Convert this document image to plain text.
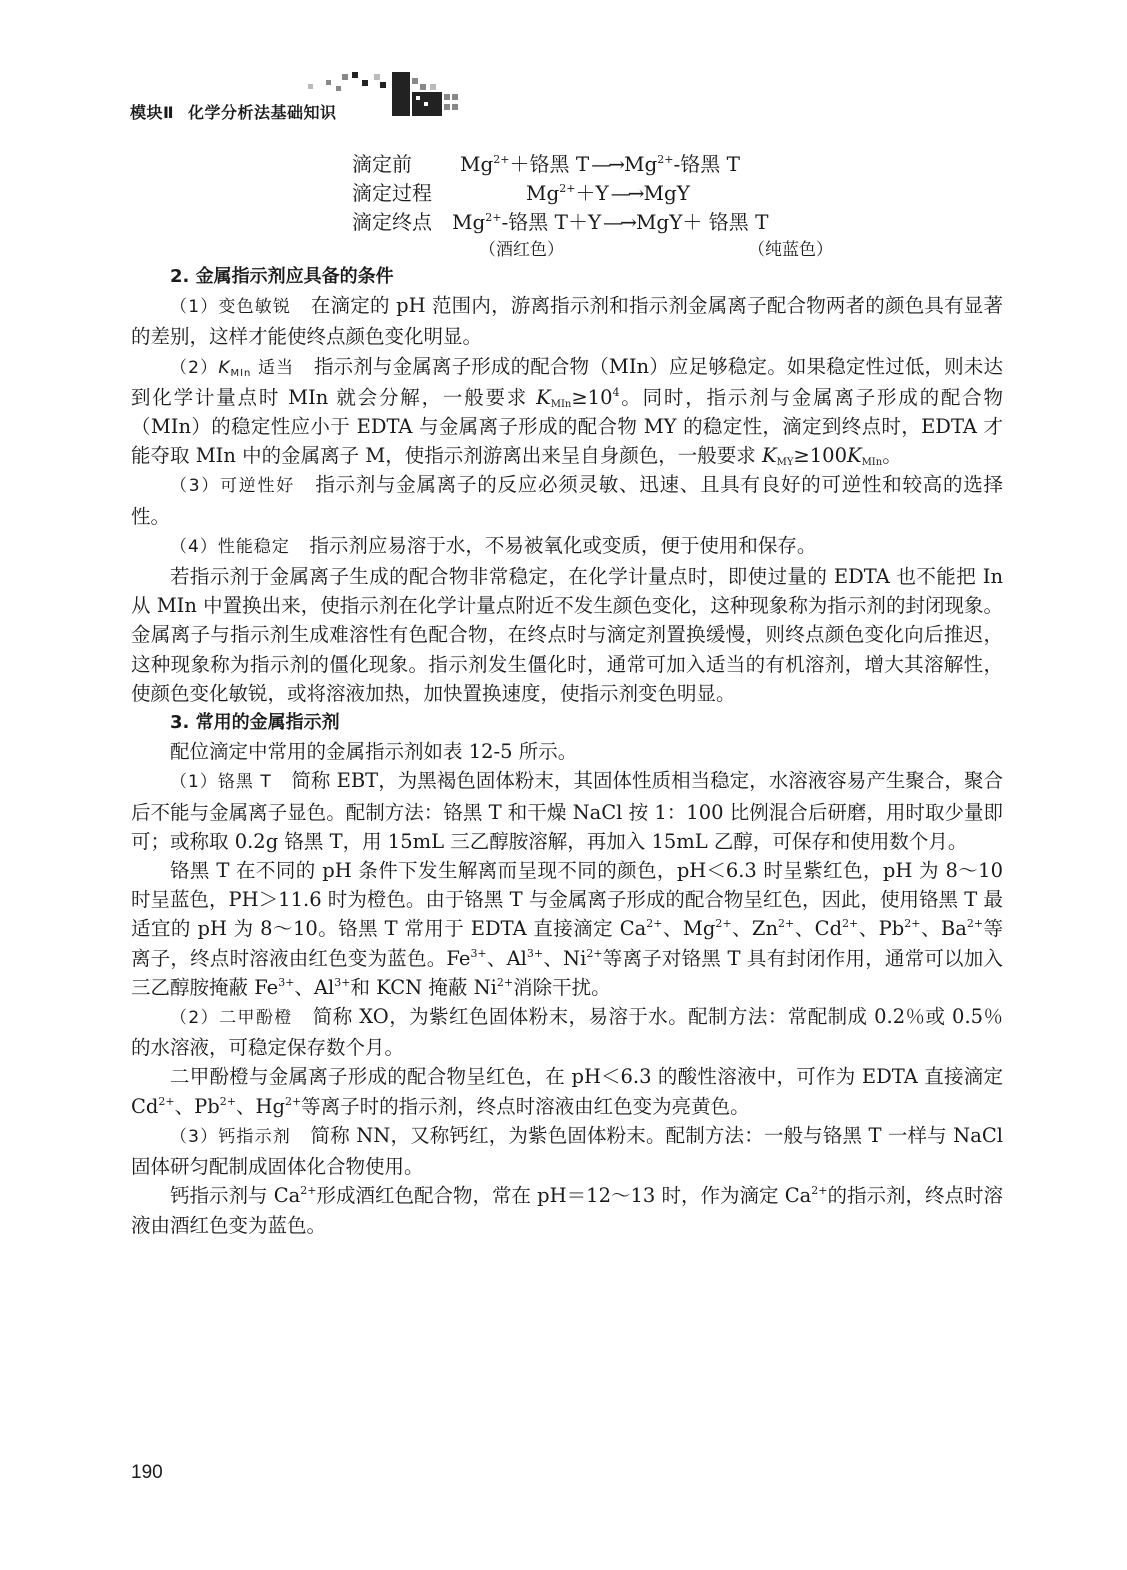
模块Ⅱ 化学分析法基础知识
滴定前	$Mg^{2+}+$铬黑 T —→ $Mg^{2+}-$铬黑 T
滴定过程	$Mg^{2+}+Y$ —→ MgY
滴定终点	$Mg^{2+}-$铬黑 T＋Y —→ MgY＋ 铬黑 T
（酒红色）	（纯蓝色）
2. 金属指示剂应具备的条件

（1）变色敏锐　 在滴定的 pH 范围内，游离指示剂和指示剂金属离子配合物两者的颜色具有显著的差别，这样才能使终点颜色变化明显。

$(2)K_{MIn}$ 适当　 指示剂与金属离子形成的配合物（MIn）应足够稳定。如果稳定性过低，则未达到化学计量点时 MIn 就会分解，一般要求 $K_{MIn}\ge 10^4$。同时，指示剂与金属离子形成的配合物（MIn）的稳定性应小于 EDTA 与金属离子形成的配合物 MY 的稳定性，滴定到终点时，EDTA 才能夺取 MIn 中的金属离子 M，使指示剂游离出来呈自身颜色，一般要求 $K_{MY}\ge 100K_{MIn}$。

（3）可逆性好　 指示剂与金属离子的反应必须灵敏、迅速、且具有良好的可逆性和较高的选择性。

（4）性能稳定　 指示剂应易溶于水，不易被氧化或变质，便于使用和保存。

若指示剂于金属离子生成的配合物非常稳定，在化学计量点时，即使过量的 EDTA 也不能把 In 从 MIn 中置换出来，使指示剂在化学计量点附近不发生颜色变化，这种现象称为指示剂的封闭现象。金属离子与指示剂生成难溶性有色配合物，在终点时与滴定剂置换缓慢，则终点颜色变化向后推迟，这种现象称为指示剂的僵化现象。指示剂发生僵化时，通常可加入适当的有机溶剂，增大其溶解性，使颜色变化敏锐，或将溶液加热，加快置换速度，使指示剂变色明显。

3. 常用的金属指示剂

配位滴定中常用的金属指示剂如表 12-5 所示。

（1）铬黑 T　 简称 EBT，为黑褐色固体粉末，其固体性质相当稳定，水溶液容易产生聚合，聚合后不能与金属离子显色。配制方法：铬黑 T 和干燥 NaCl 按 1：100 比例混合后研磨，用时取少量即可；或称取 0.2g 铬黑 T，用 15mL 三乙醇胺溶解，再加入 15mL 乙醇，可保存和使用数个月。

铬黑 T 在不同的 pH 条件下发生解离而呈现不同的颜色，pH＜6.3 时呈紫红色，pH 为 8～10 时呈蓝色，PH＞11.6 时为橙色。由于铬黑 T 与金属离子形成的配合物呈红色，因此，使用铬黑 T 最适宜的 pH 为 8～10。铬黑 T 常用于 EDTA 直接滴定 $Ca^{2+}$、$Mg^{2+}$、$Zn^{2+}$、$Cd^{2+}$、$Pb^{2+}$、$Ba^{2+}$等离子，终点时溶液由红色变为蓝色。$Fe^{3+}$、$Al^{3+}$、$Ni^{2+}$等离子对铬黑 T 具有封闭作用，通常可以加入三乙醇胺掩蔽 $Fe^{3+}$、$Al^{3+}$和 KCN 掩蔽 $Ni^{2+}$消除干扰。

（2）二甲酚橙　 简称 XO，为紫红色固体粉末，易溶于水。配制方法：常配制成 0.2％或 0.5％的水溶液，可稳定保存数个月。

二甲酚橙与金属离子形成的配合物呈红色，在 pH＜6.3 的酸性溶液中，可作为 EDTA 直接滴定 $Cd^{2+}$、$Pb^{2+}$、$Hg^{2+}$等离子时的指示剂，终点时溶液由红色变为亮黄色。

（3）钙指示剂　 简称 NN，又称钙红，为紫色固体粉末。配制方法：一般与铬黑 T 一样与 NaCl 固体研匀配制成固体化合物使用。

钙指示剂与 $Ca^{2+}$形成酒红色配合物，常在 pH＝12～13 时，作为滴定 $Ca^{2+}$的指示剂，终点时溶液由酒红色变为蓝色。

190
